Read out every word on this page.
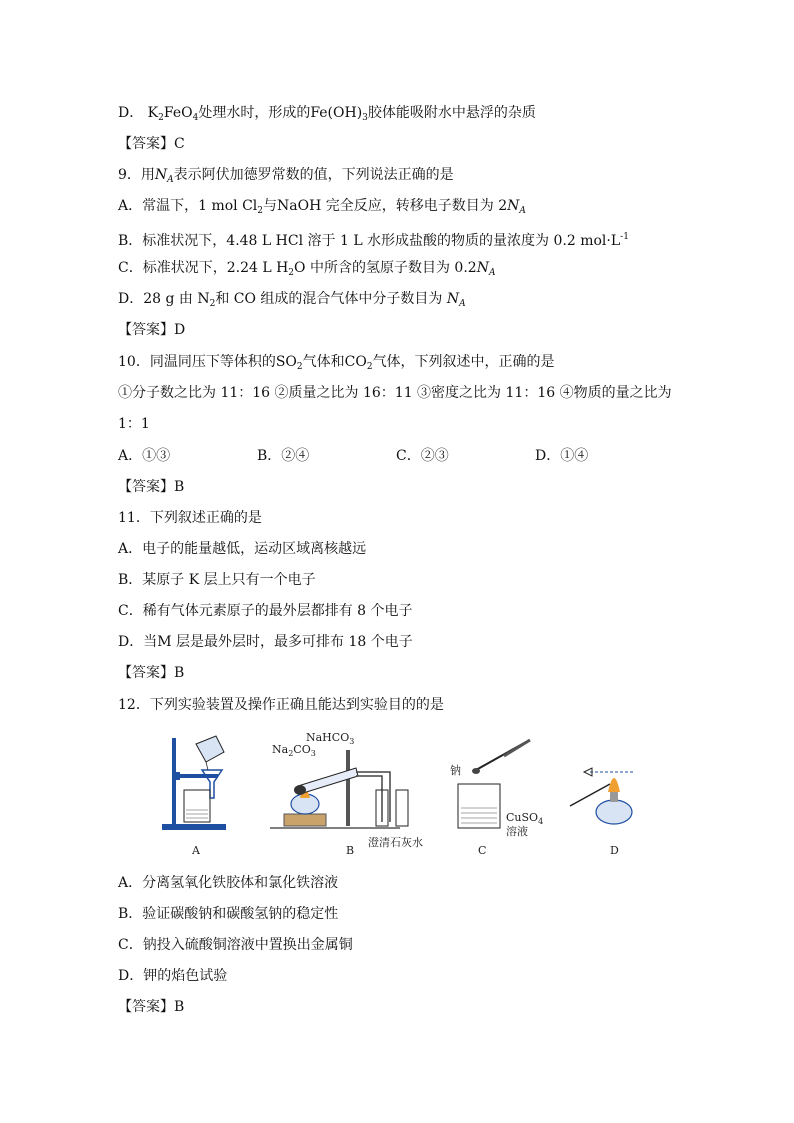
D． $K_2FeO_4$处理水时，形成的$Fe(OH)_3$胶体能吸附水中悬浮的杂质
【答案】C
9．用$N_A$表示阿伏加德罗常数的值，下列说法正确的是
A．常温下，1 mol $Cl_2$与NaOH 完全反应，转移电子数目为 $2N_A$
B．标准状况下，4.48 L HCl 溶于 1 L 水形成盐酸的物质的量浓度为 0.2 $mol\cdot L^{-1}$
C．标准状况下，2.24 L $H_2O$ 中所含的氢原子数目为 $0.2N_A$
D．28 g 由 $N_2$和 CO 组成的混合气体中分子数目为 $N_A$
【答案】D
10．同温同压下等体积的$SO_2$气体和$CO_2$气体，下列叙述中，正确的是
①分子数之比为 11：16 ②质量之比为 16：11 ③密度之比为 11：16 ④物质的量之比为
1：1
A．①③	B．②④	C．②③	D．①④
【答案】B
11．下列叙述正确的是
A．电子的能量越低，运动区域离核越远
B．某原子 K 层上只有一个电子
C．稀有气体元素原子的最外层都排有 8 个电子
D．当M 层是最外层时，最多可排布 18 个电子
【答案】B
12．下列实验装置及操作正确且能达到实验目的的是
A
NaHCO$_3$
$Na_2CO_3$
澄清石灰水
B
钠
CuSO$_4$
溶液
C	D
A．分离氢氧化铁胶体和氯化铁溶液
B．验证碳酸钠和碳酸氢钠的稳定性
C．钠投入硫酸铜溶液中置换出金属铜
D．钾的焰色试验
【答案】B
